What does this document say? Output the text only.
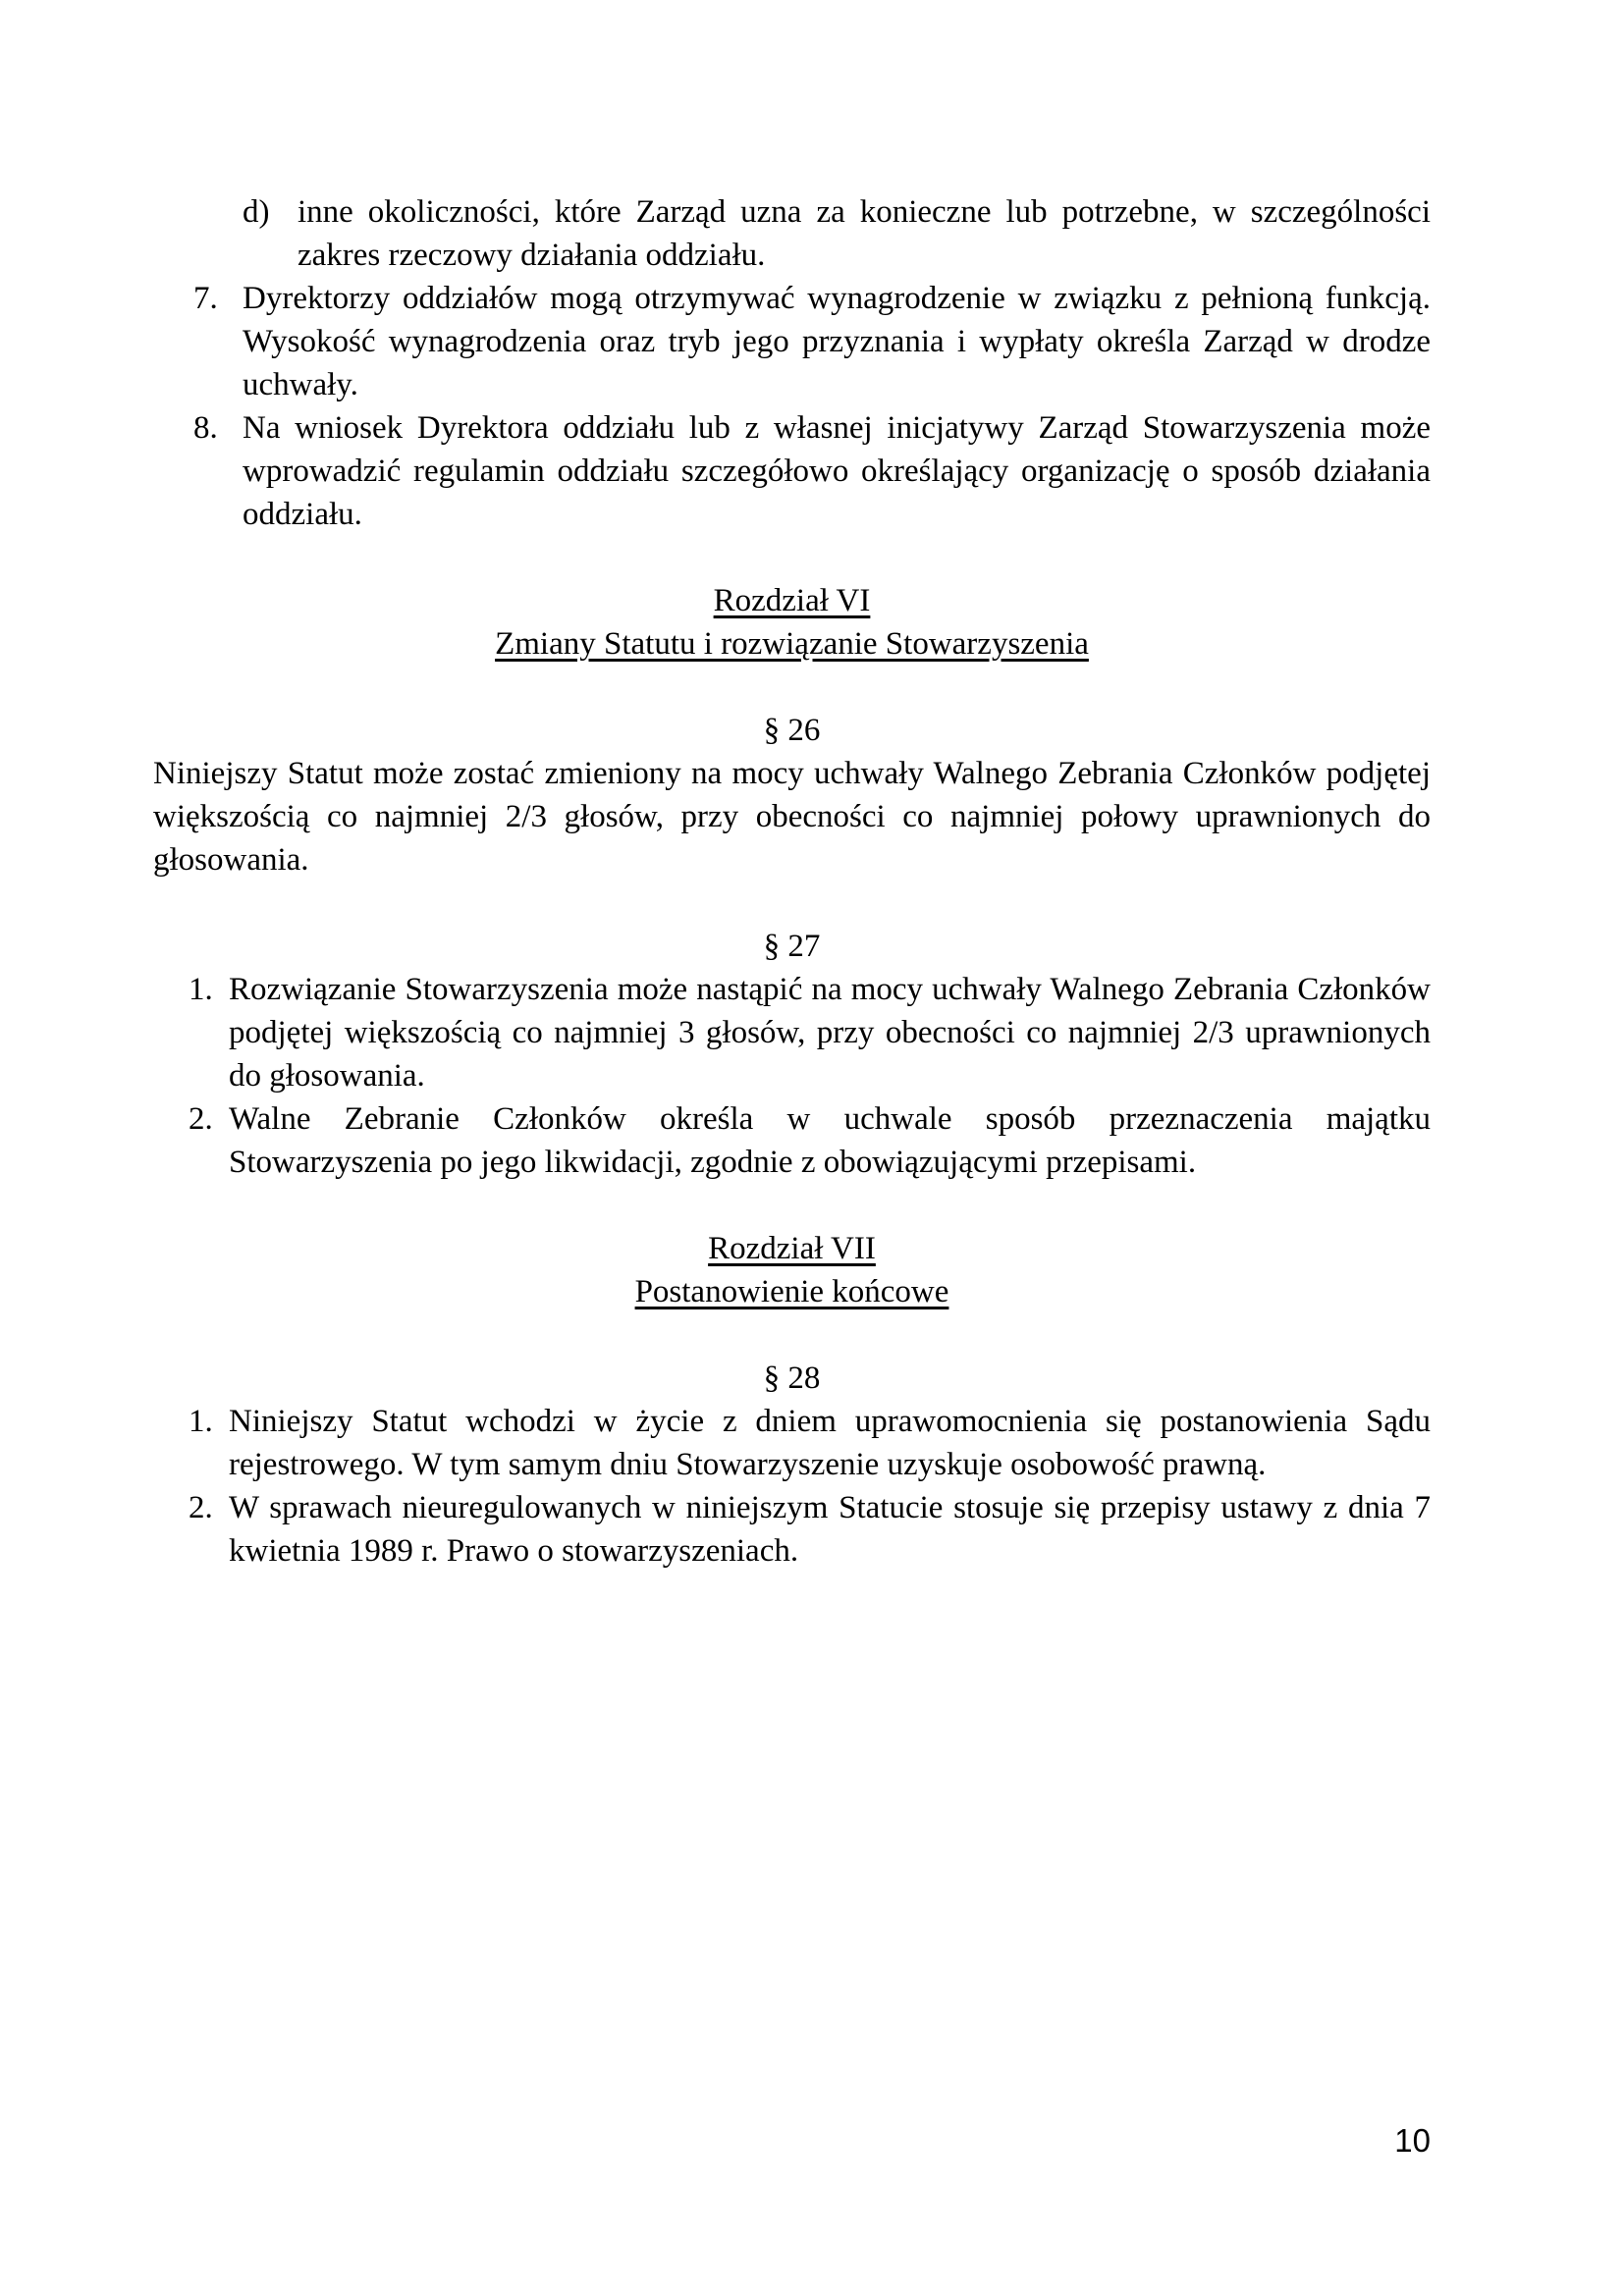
d) inne okoliczności, które Zarząd uzna za konieczne lub potrzebne, w szczególności zakres rzeczowy działania oddziału.
7. Dyrektorzy oddziałów mogą otrzymywać wynagrodzenie w związku z pełnioną funkcją. Wysokość wynagrodzenia oraz tryb jego przyznania i wypłaty określa Zarząd w drodze uchwały.
8. Na wniosek Dyrektora oddziału lub z własnej inicjatywy Zarząd Stowarzyszenia może wprowadzić regulamin oddziału szczegółowo określający organizację o sposób działania oddziału.
Rozdział VI
Zmiany Statutu i rozwiązanie Stowarzyszenia
§ 26
Niniejszy Statut może zostać zmieniony na mocy uchwały Walnego Zebrania Członków podjętej większością co najmniej 2/3 głosów, przy obecności co najmniej połowy uprawnionych do głosowania.
§ 27
1. Rozwiązanie Stowarzyszenia może nastąpić na mocy uchwały Walnego Zebrania Członków podjętej większością co najmniej 3 głosów, przy obecności co najmniej 2/3 uprawnionych do głosowania.
2. Walne Zebranie Członków określa w uchwale sposób przeznaczenia majątku Stowarzyszenia po jego likwidacji, zgodnie z obowiązującymi przepisami.
Rozdział VII
Postanowienie końcowe
§ 28
1. Niniejszy Statut wchodzi w życie z dniem uprawomocnienia się postanowienia Sądu rejestrowego. W tym samym dniu Stowarzyszenie uzyskuje osobowość prawną.
2. W sprawach nieuregulowanych w niniejszym Statucie stosuje się przepisy ustawy z dnia 7 kwietnia 1989 r. Prawo o stowarzyszeniach.
10
